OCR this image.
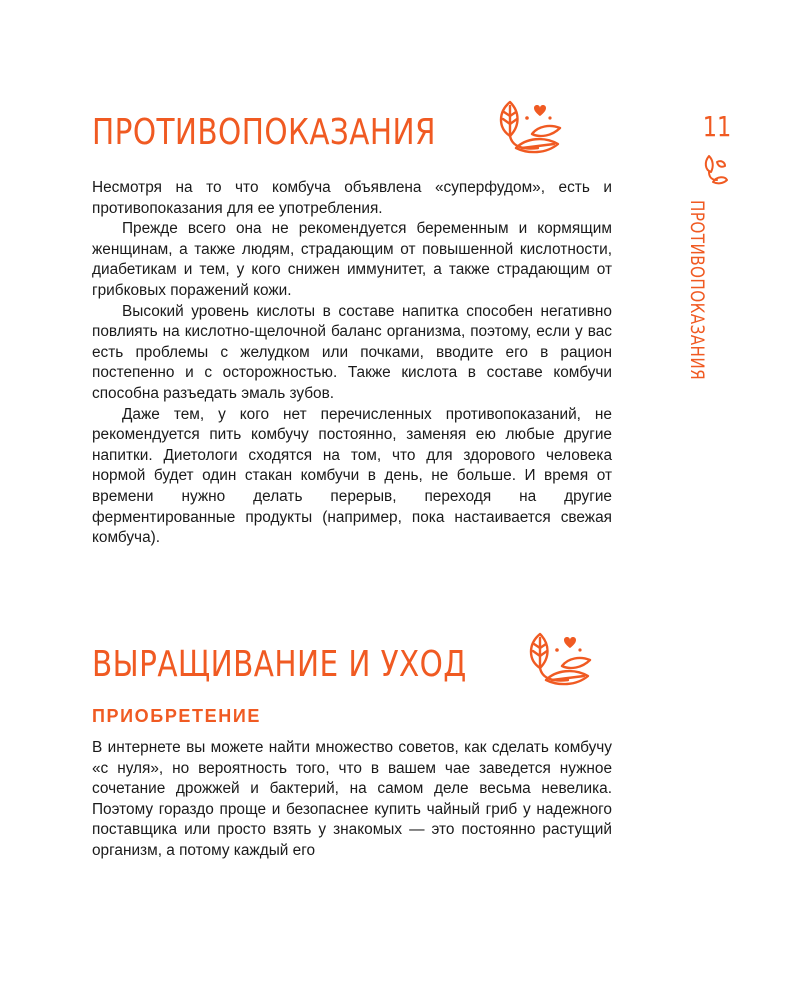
ПРОТИВОПОКАЗАНИЯ

Несмотря на то что комбуча объявлена «суперфудом», есть и противопоказания для ее употребления.

Прежде всего она не рекомендуется беременным и кормящим женщинам, а также людям, страдающим от повышенной кислотности, диабетикам и тем, у кого снижен иммунитет, а также страдающим от грибковых поражений кожи.

Высокий уровень кислоты в составе напитка способен негативно повлиять на кислотно-щелочной баланс организма, поэтому, если у вас есть проблемы с желудком или почками, вводите его в рацион постепенно и с осторожностью. Также кислота в составе комбучи способна разъедать эмаль зубов.

Даже тем, у кого нет перечисленных противопоказаний, не рекомендуется пить комбучу постоянно, заменяя ею любые другие напитки. Диетологи сходятся на том, что для здорового человека нормой будет один стакан комбучи в день, не больше. И время от времени нужно делать перерыв, переходя на другие ферментированные продукты (например, пока настаивается свежая комбуча).

ВЫРАЩИВАНИЕ И УХОД
ПРИОБРЕТЕНИЕ

В интернете вы можете найти множество советов, как сделать комбучу «с нуля», но вероятность того, что в вашем чае заведется нужное сочетание дрожжей и бактерий, на самом деле весьма невелика. Поэтому гораздо проще и безопаснее купить чайный гриб у надежного поставщика или просто взять у знакомых — это постоянно растущий организм, а потому каждый его

11
ПРОТИВОПОКАЗАНИЯ
